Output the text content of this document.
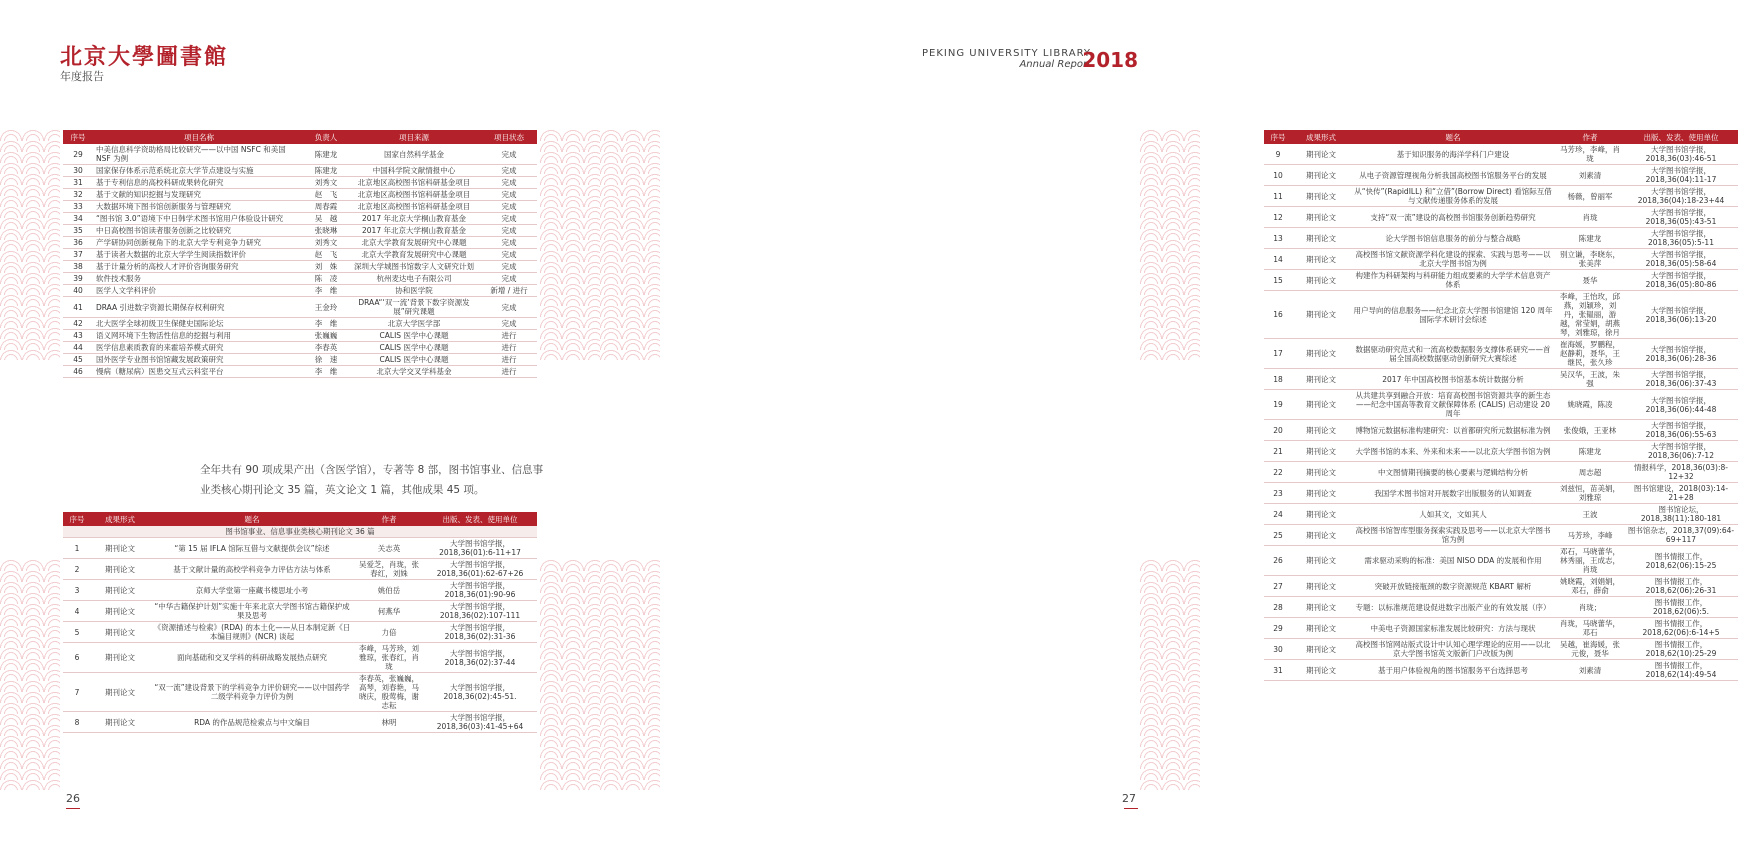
北京大學圖書館
年度报告
序号	项目名称	负责人	项目来源	项目状态
29	中美信息科学资助格局比较研究——以中国 NSFC 和美国 NSF 为例	陈建龙	国家自然科学基金	完成
30	国家保存体系示范系统北京大学节点建设与实施	陈建龙	中国科学院文献情报中心	完成
31	基于专利信息的高校科研成果转化研究	刘秀文	北京地区高校图书馆科研基金项目	完成
32	基于文献的知识挖掘与发现研究	赵　飞	北京地区高校图书馆科研基金项目	完成
33	大数据环境下图书馆创新服务与管理研究	周春霞	北京地区高校图书馆科研基金项目	完成
34	“图书馆 3.0”语境下中日韩学术图书馆用户体验设计研究	吴　越	2017 年北京大学桐山教育基金	完成
35	中日高校图书馆读者服务创新之比较研究	张晓琳	2017 年北京大学桐山教育基金	完成
36	产学研协同创新视角下的北京大学专利竞争力研究	刘秀文	北京大学教育发展研究中心课题	完成
37	基于读者大数据的北京大学学生阅读指数评价	赵　飞	北京大学教育发展研究中心课题	完成
38	基于计量分析的高校人才评价咨询服务研究	刘　姝	深圳大学城图书馆数字人文研究计划	完成
39	软件技术服务	陈　凌	杭州麦达电子有限公司	完成
40	医学人文学科评价	李　维	协和医学院	新增 / 进行
41	DRAA 引进数字资源长期保存权利研究	王金玲	DRAA“‘双一流’背景下数字资源发展”研究课题	完成
42	北大医学全球初级卫生保健史国际论坛	李　维	北京大学医学部	完成
43	语义网环境下生物活性信息的挖掘与利用	张巍巍	CALIS 医学中心课题	进行
44	医学信息素质教育的来霍培养模式研究	李春英	CALIS 医学中心课题	进行
45	国外医学专业图书馆馆藏发展政策研究	徐　速	CALIS 医学中心课题	进行
46	慢病（糖尿病）医患交互式云科室平台	李　维	北京大学交叉学科基金	进行
全年共有 90 项成果产出（含医学馆），专著等 8 部，图书馆事业、信息事业类核心期刊论文 35 篇，英文论文 1 篇，其他成果 45 项。
序号	成果形式	题名	作者	出版、发表、使用单位
图书馆事业、信息事业类核心期刊论文 36 篇				
1	期刊论文	“第 15 届 IFLA 馆际互借与文献提供会议”综述	关志英	大学图书馆学报，2018,36(01):6-11+17
2	期刊论文	基于文献计量的高校学科竞争力评估方法与体系	吴爱芝，肖珑，张春红，刘姝	大学图书馆学报，2018,36(01):62-67+26
3	期刊论文	京师大学堂第一座藏书楼思址小考	姚伯岳	大学图书馆学报，2018,36(01):90-96
4	期刊论文	“中华古籍保护计划”实施十年来北京大学图书馆古籍保护成果及思考	何燕华	大学图书馆学报，2018,36(02):107-111
5	期刊论文	《资源描述与检索》(RDA) 的本土化——从日本制定新《日本编目规则》(NCR) 谈起	力倍	大学图书馆学报，2018,36(02):31-36
6	期刊论文	面向基础和交叉学科的科研战略发展热点研究	李峰，马芳珍，刘雅琼，张春红，肖珑	大学图书馆学报，2018,36(02):37-44
7	期刊论文	“双一流”建设背景下的学科竞争力评价研究——以中国药学二级学科竞争力评价为例	李春英，张巍巍，高琴，刘春艳，马晓庆，殷莺梅，谢志耘	大学图书馆学报，2018,36(02):45-51.
8	期刊论文	RDA 的作品规范检索点与中文编目	林明	大学图书馆学报，2018,36(03):41-45+64
26
PEKING UNIVERSITY LIBRARY
Annual Report
2018
序号	成果形式	题名	作者	出版、发表、使用单位
9	期刊论文	基于知识服务的海洋学科门户建设	马芳珍，李峰，肖珑	大学图书馆学报，2018,36(03):46-51
10	期刊论文	从电子资源管理视角分析我国高校图书馆服务平台的发展	刘素清	大学图书馆学报，2018,36(04):11-17
11	期刊论文	从“快传”(RapidILL) 和“立借”(Borrow Direct) 看馆际互借与文献传递服务体系的发展	杨薇，曾丽军	大学图书馆学报，2018,36(04):18-23+44
12	期刊论文	支持“双一流”建设的高校图书馆服务创新趋势研究	肖珑	大学图书馆学报，2018,36(05):43-51
13	期刊论文	论大学图书馆信息服务的前分与整合战略	陈建龙	大学图书馆学报，2018,36(05):5-11
14	期刊论文	高校图书馆文献资源学科化建设的探索、实践与思考——以北京大学图书馆为例	别立谦，李晓东，张美萍	大学图书馆学报，2018,36(05):58-64
15	期刊论文	构建作为科研架构与科研能力组成要素的大学学术信息资产体系	聂华	大学图书馆学报，2018,36(05):80-86
16	期刊论文	用户导向的信息服务——纪念北京大学图书馆建馆 120 周年国际学术研讨会综述	李峰，王怡玫，邱燕，刘颖珍，刘丹，张韫丽，游越，常莹娟，胡燕琴，刘雅琼，徐月	大学图书馆学报，2018,36(06):13-20
17	期刊论文	数据驱动研究范式和一流高校数据服务支撑体系研究——首届全国高校数据驱动创新研究大赛综述	崔海媛，罗鹏程，赵静莉，聂华，王继民，张久珍	大学图书馆学报，2018,36(06):28-36
18	期刊论文	2017 年中国高校图书馆基本统计数据分析	吴汉华，王波，朱强	大学图书馆学报，2018,36(06):37-43
19	期刊论文	从共建共享到融合开放：培育高校图书馆资源共享的新生态——纪念中国高等教育文献保障体系 (CALIS) 启动建设 20 周年	姚晓霞，陈凌	大学图书馆学报，2018,36(06):44-48
20	期刊论文	博物馆元数据标准构建研究：以首都研究所元数据标准为例	张俊娥，王亚林	大学图书馆学报，2018,36(06):55-63
21	期刊论文	大学图书馆的本来、外来和未来——以北京大学图书馆为例	陈建龙	大学图书馆学报，2018,36(06):7-12
22	期刊论文	中文图情期刊摘要的核心要素与逻辑结构分析	周志超	情报科学，2018,36(03):8-12+32
23	期刊论文	我国学术图书馆对开展数字出版服务的认知调查	刘兹恒，苗美娟，刘雅琼	图书馆建设，2018(03):14-21+28
24	期刊论文	人如其文，文如其人	王波	图书馆论坛，2018,38(11):180-181
25	期刊论文	高校图书馆智库型服务探索实践及思考——以北京大学图书馆为例	马芳珍，李峰	图书馆杂志，2018,37(09):64-69+117
26	期刊论文	需求驱动采购的标准：美国 NISO DDA 的发展和作用	邓石，马晓蕾华，林秀丽，王成志，肖珑	图书情报工作，2018,62(06):15-25
27	期刊论文	突破开放链接瓶颈的数字资源规范 KBART 解析	姚晓霞，刘娟娟，邓石，薛俞	图书情报工作，2018,62(06):26-31
28	期刊论文	专题：以标准规范建设促进数字出版产业的有效发展（序）	肖珑；	图书情报工作，2018,62(06):5.
29	期刊论文	中美电子资源国家标准发展比较研究：方法与现状	肖珑，马晓蕾华，邓石	图书情报工作，2018,62(06):6-14+5
30	期刊论文	高校图书馆网站版式设计中认知心理学理论的应用——以北京大学图书馆英文版新门户改版为例	吴越，崔海媛，张元俊，聂华	图书情报工作，2018,62(10):25-29
31	期刊论文	基于用户体验视角的图书馆服务平台选择思考	刘素清	图书情报工作，2018,62(14):49-54
27
